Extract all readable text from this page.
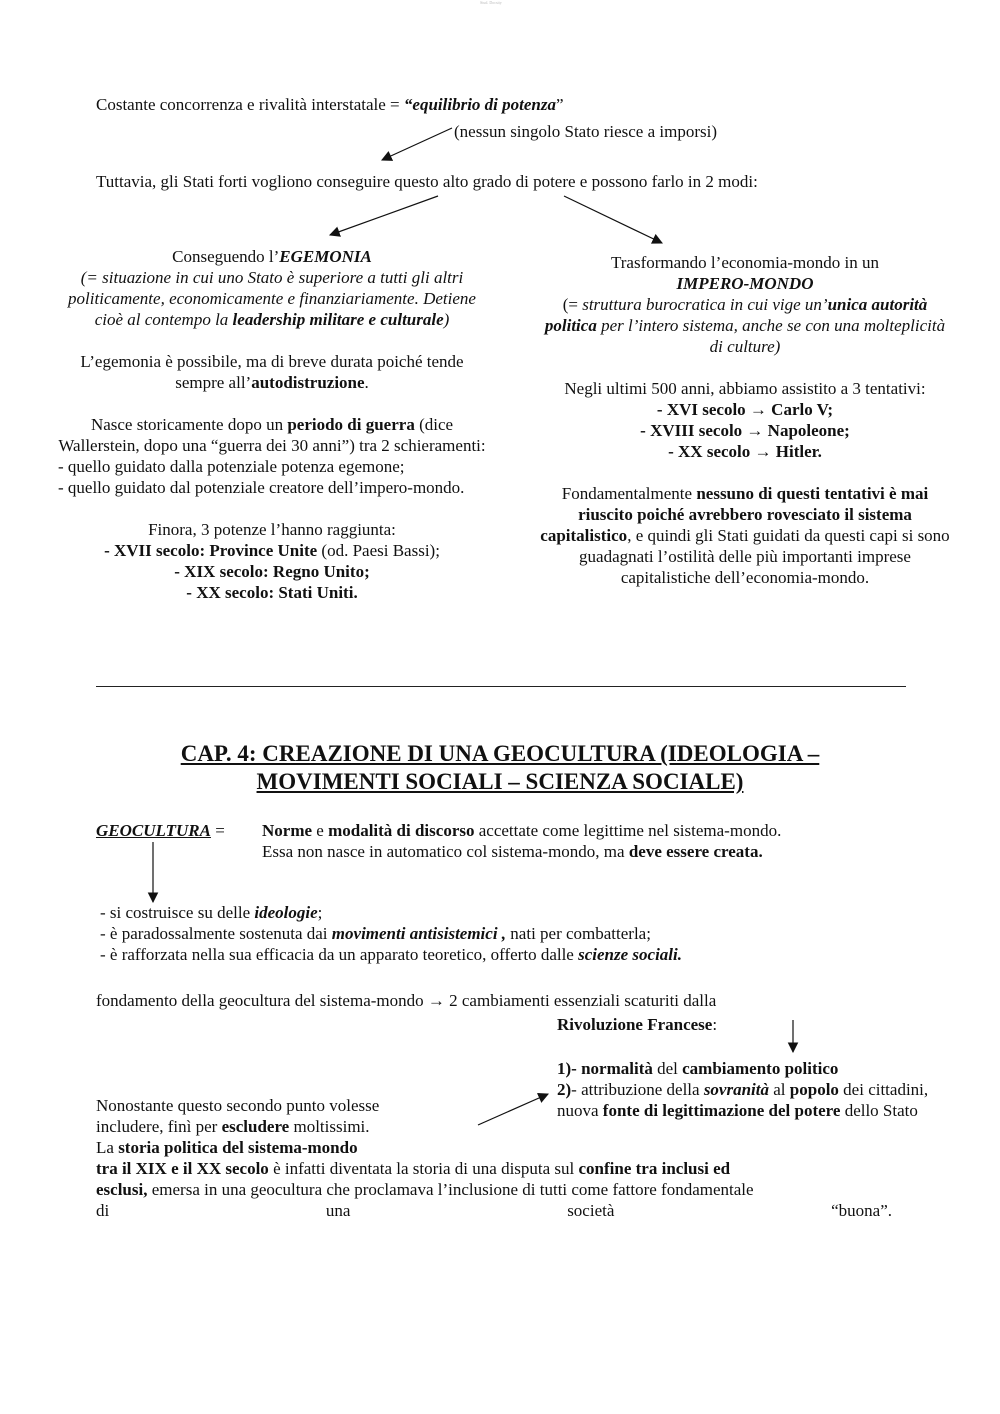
Stud. Docsity
Costante concorrenza e rivalità interstatale = “equilibrio di potenza”
(nessun singolo Stato riesce a imporsi)
Tuttavia, gli Stati forti vogliono conseguire questo alto grado di potere e possono farlo in 2 modi:
Conseguendo l’EGEMONIA
(= situazione in cui uno Stato è superiore a tutti gli altri politicamente, economicamente e finanziariamente. Detiene cioè al contempo la leadership militare e culturale)
L’egemonia è possibile, ma di breve durata poiché tende sempre all’autodistruzione.
Nasce storicamente dopo un periodo di guerra (dice Wallerstein, dopo una “guerra dei 30 anni”) tra 2 schieramenti:
- quello guidato dalla potenziale potenza egemone;
- quello guidato dal potenziale creatore dell’impero-mondo.
Finora, 3 potenze l’hanno raggiunta:
- XVII secolo: Province Unite (od. Paesi Bassi);
- XIX secolo: Regno Unito;
- XX secolo: Stati Uniti.
Trasformando l’economia-mondo in un
IMPERO-MONDO
(= struttura burocratica in cui vige un’unica autorità politica per l’intero sistema, anche se con una molteplicità di culture)
Negli ultimi 500 anni, abbiamo assistito a 3 tentativi:
- XVI secolo → Carlo V;
- XVIII secolo → Napoleone;
- XX secolo → Hitler.
Fondamentalmente nessuno di questi tentativi è mai riuscito poiché avrebbero rovesciato il sistema capitalistico, e quindi gli Stati guidati da questi capi si sono guadagnati l’ostilità delle più importanti imprese capitalistiche dell’economia-mondo.
CAP. 4: CREAZIONE DI UNA GEOCULTURA (IDEOLOGIA –
MOVIMENTI SOCIALI – SCIENZA SOCIALE)
GEOCULTURA = Norme e modalità di discorso accettate come legittime nel sistema-mondo.
Essa non nasce in automatico col sistema-mondo, ma deve essere creata.
- si costruisce su delle ideologie;
- è paradossalmente sostenuta dai movimenti antisistemici , nati per combatterla;
- è rafforzata nella sua efficacia da un apparato teoretico, offerto dalle scienze sociali.
fondamento della geocultura del sistema-mondo → 2 cambiamenti essenziali scaturiti dalla
Rivoluzione Francese:
1)- normalità del cambiamento politico
2)- attribuzione della sovranità al popolo dei cittadini, nuova fonte di legittimazione del potere dello Stato
Nonostante questo secondo punto volesse
includere, finì per escludere moltissimi.
La storia politica del sistema-mondo
tra il XIX e il XX secolo è infatti diventata la storia di una disputa sul confine tra inclusi ed
esclusi, emersa in una geocultura che proclamava l’inclusione di tutti come fattore fondamentale
di una società “buona”.
